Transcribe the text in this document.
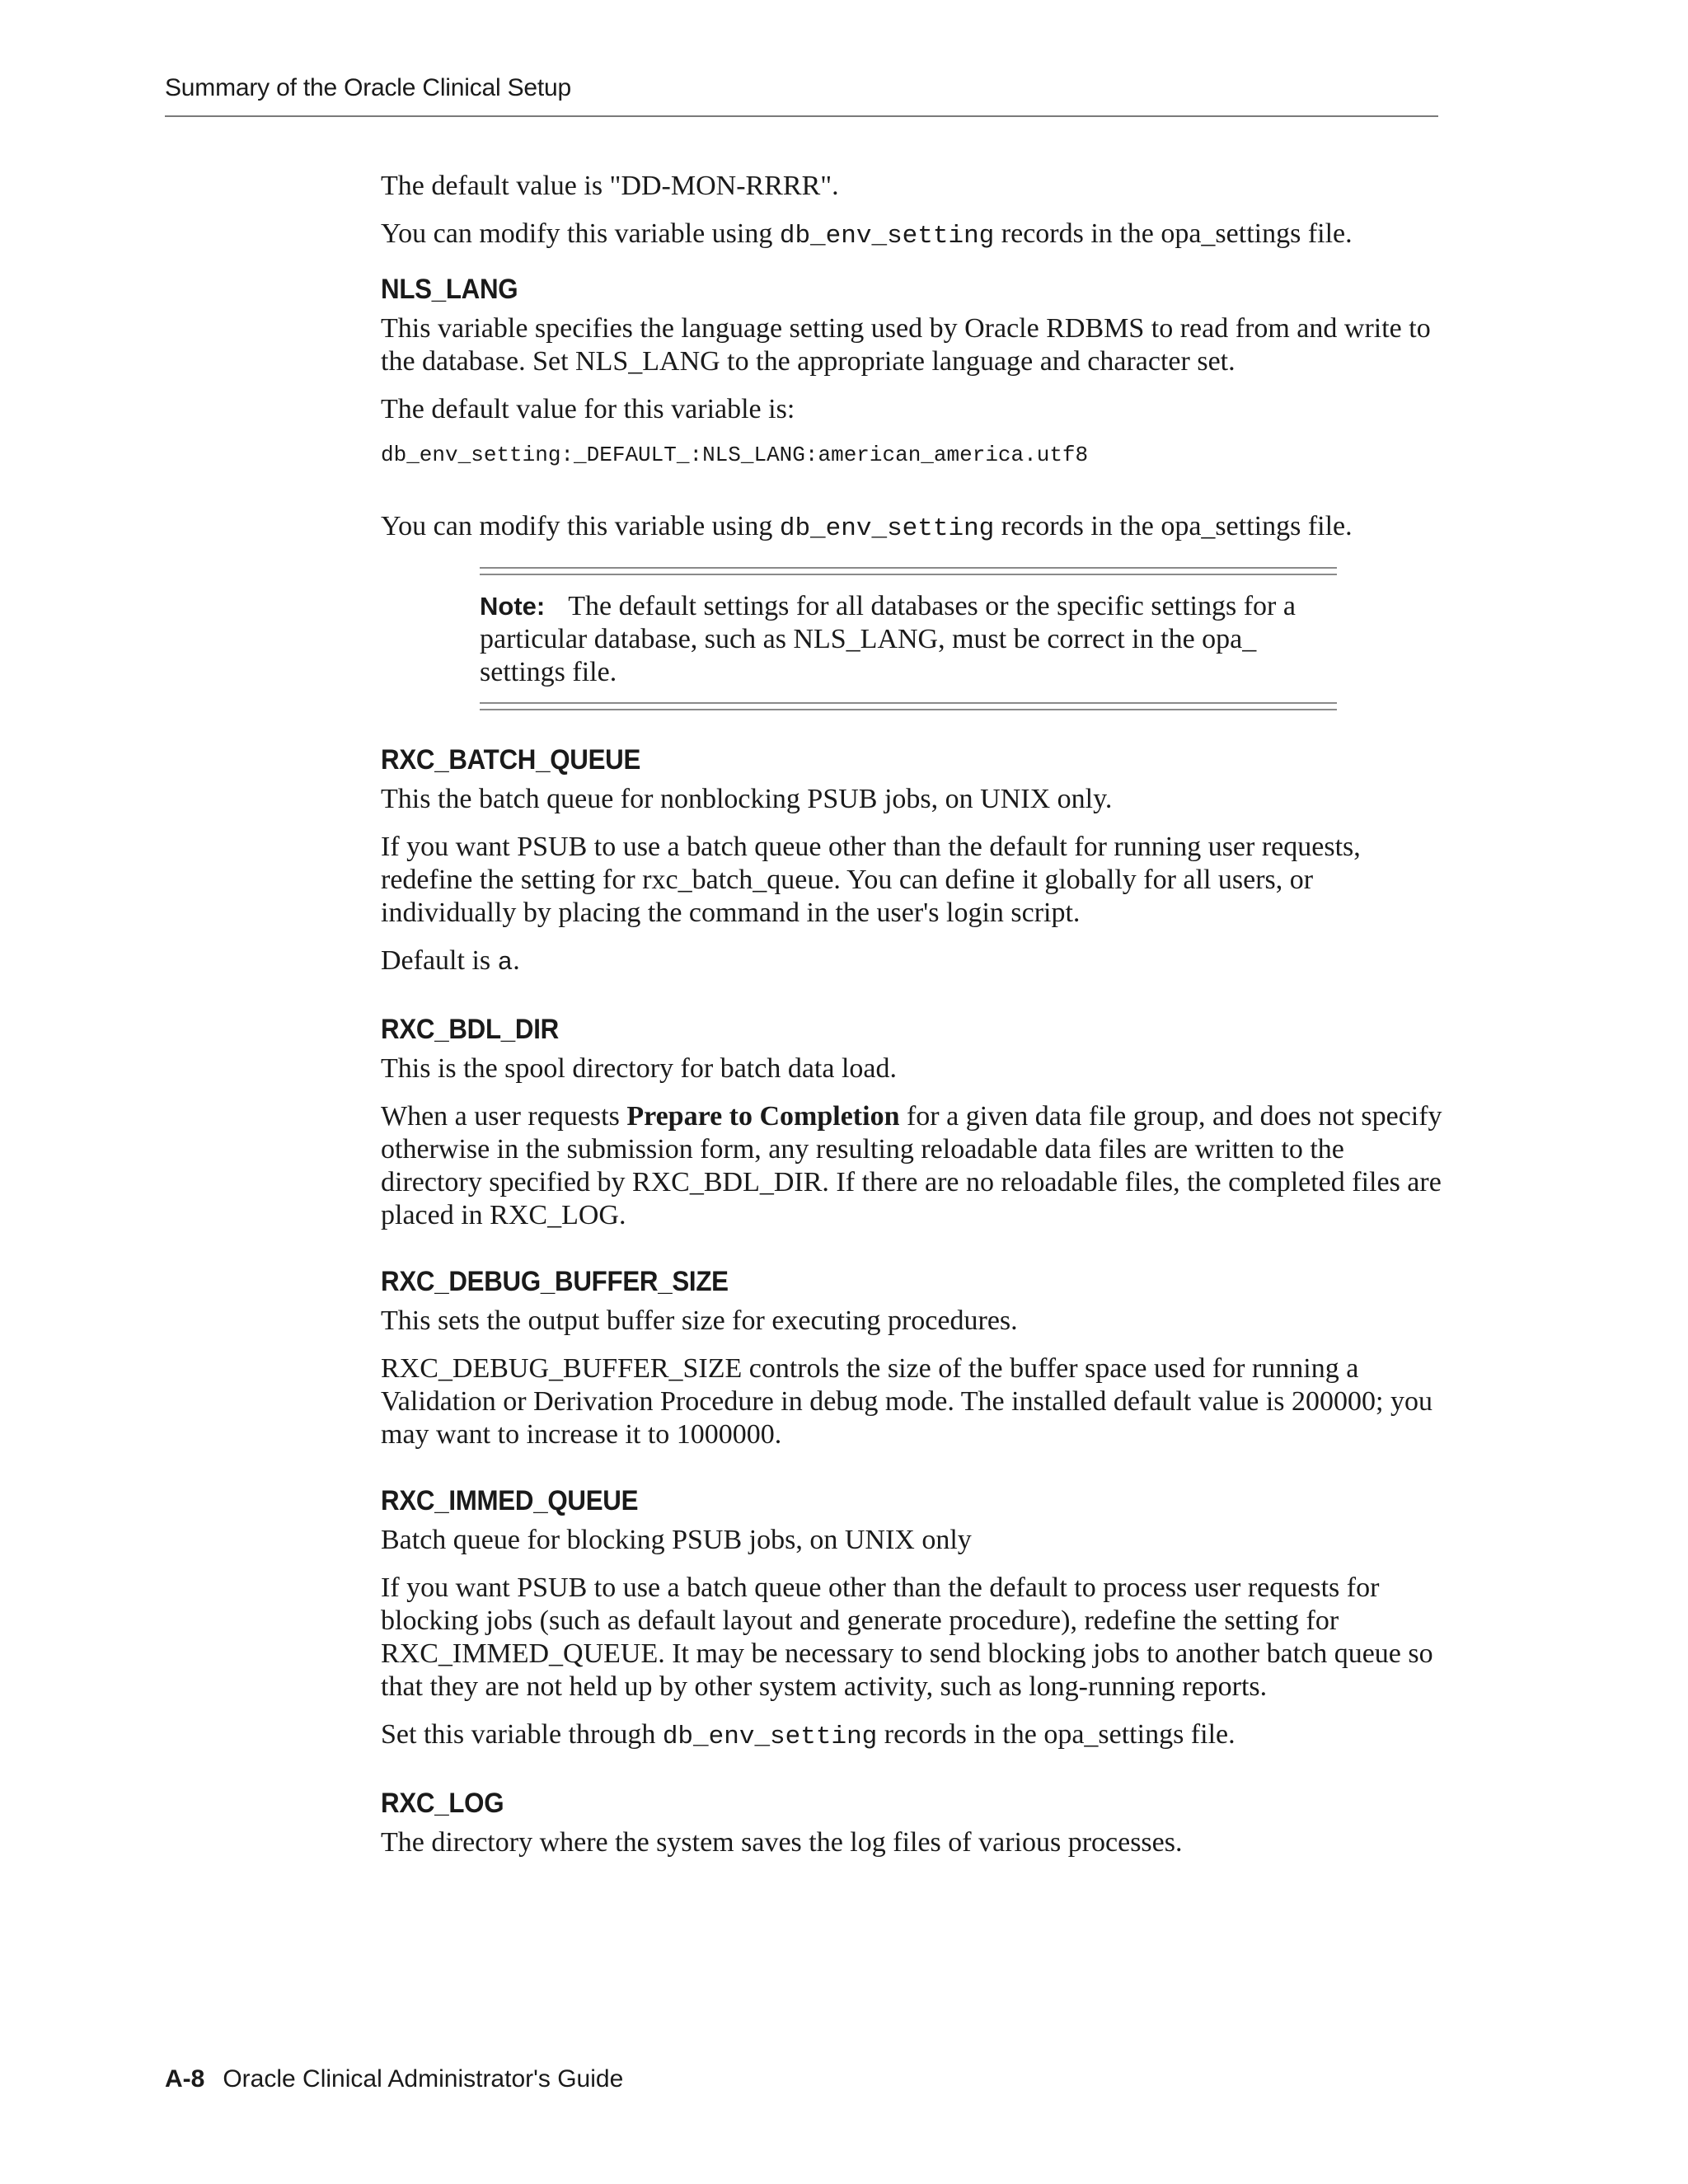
Summary of the Oracle Clinical Setup

The default value is "DD-MON-RRRR".

You can modify this variable using db_env_setting records in the opa_settings file.

NLS_LANG

This variable specifies the language setting used by Oracle RDBMS to read from and write to the database. Set NLS_LANG to the appropriate language and character set.

The default value for this variable is:

db_env_setting:_DEFAULT_:NLS_LANG:american_america.utf8

You can modify this variable using db_env_setting records in the opa_settings file.

Note: The default settings for all databases or the specific settings for a particular database, such as NLS_LANG, must be correct in the opa_ settings file.
RXC_BATCH_QUEUE

This the batch queue for nonblocking PSUB jobs, on UNIX only.

If you want PSUB to use a batch queue other than the default for running user requests, redefine the setting for rxc_batch_queue. You can define it globally for all users, or individually by placing the command in the user's login script.

Default is a.

RXC_BDL_DIR

This is the spool directory for batch data load.

When a user requests Prepare to Completion for a given data file group, and does not specify otherwise in the submission form, any resulting reloadable data files are written to the directory specified by RXC_BDL_DIR. If there are no reloadable files, the completed files are placed in RXC_LOG.

RXC_DEBUG_BUFFER_SIZE

This sets the output buffer size for executing procedures.

RXC_DEBUG_BUFFER_SIZE controls the size of the buffer space used for running a Validation or Derivation Procedure in debug mode. The installed default value is 200000; you may want to increase it to 1000000.

RXC_IMMED_QUEUE

Batch queue for blocking PSUB jobs, on UNIX only

If you want PSUB to use a batch queue other than the default to process user requests for blocking jobs (such as default layout and generate procedure), redefine the setting for RXC_IMMED_QUEUE. It may be necessary to send blocking jobs to another batch queue so that they are not held up by other system activity, such as long-running reports.

Set this variable through db_env_setting records in the opa_settings file.

RXC_LOG

The directory where the system saves the log files of various processes.

A-8 Oracle Clinical Administrator's Guide
